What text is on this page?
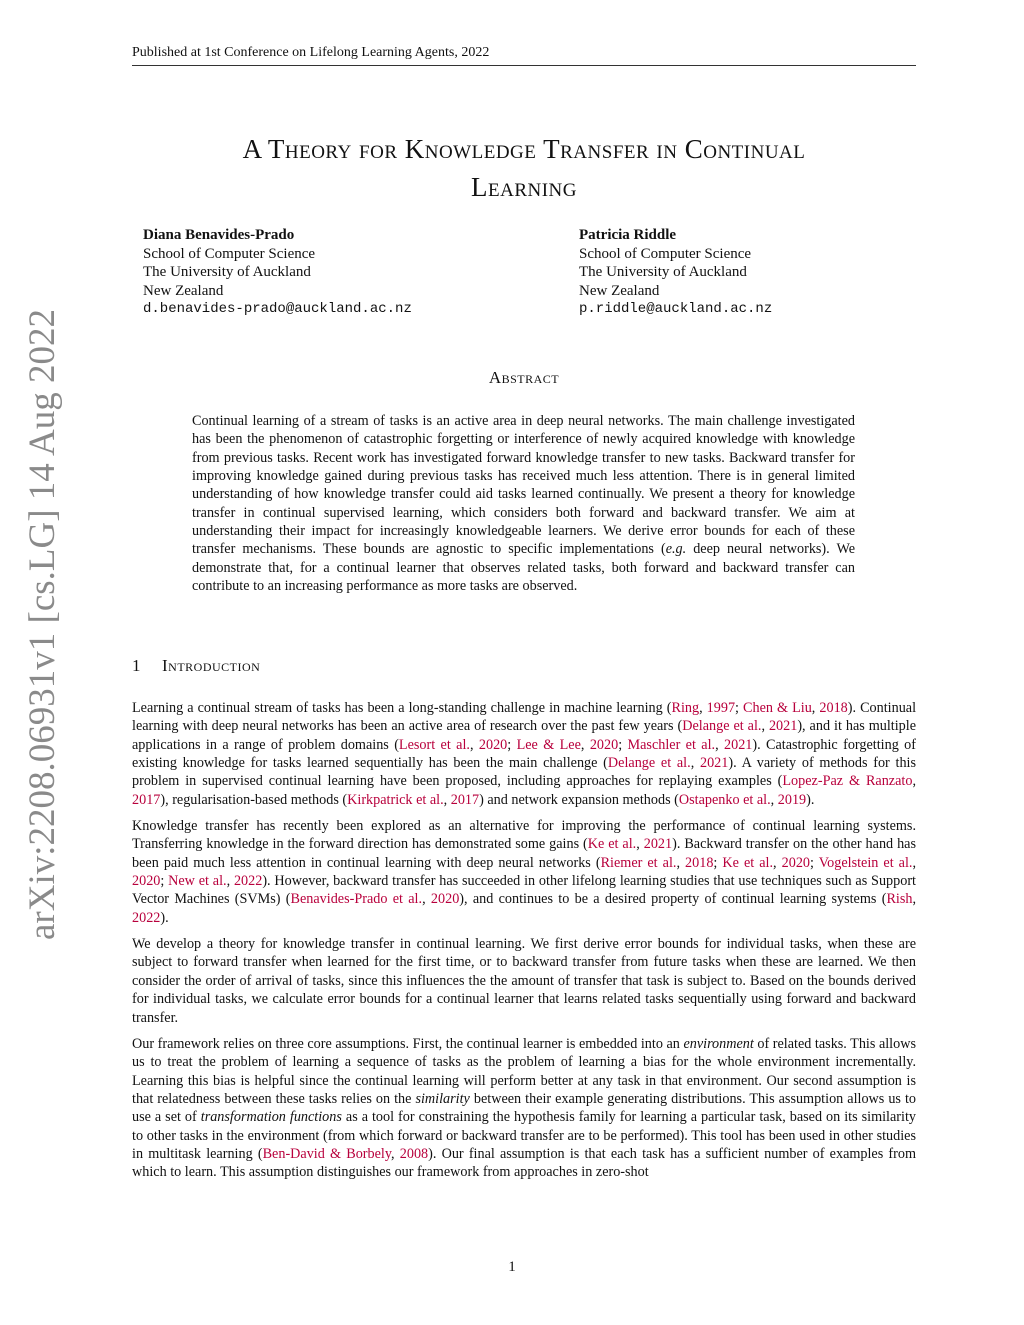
Published at 1st Conference on Lifelong Learning Agents, 2022
A Theory for Knowledge Transfer in Continual
Learning
Diana Benavides-Prado
School of Computer Science
The University of Auckland
New Zealand
d.benavides-prado@auckland.ac.nz
Patricia Riddle
School of Computer Science
The University of Auckland
New Zealand
p.riddle@auckland.ac.nz
Abstract
Continual learning of a stream of tasks is an active area in deep neural networks. The main challenge investigated has been the phenomenon of catastrophic forgetting or interference of newly acquired knowledge with knowledge from previous tasks. Recent work has investigated forward knowledge transfer to new tasks. Backward transfer for improving knowledge gained during previous tasks has received much less attention. There is in general limited understanding of how knowledge transfer could aid tasks learned continually. We present a theory for knowledge transfer in continual supervised learning, which considers both forward and backward transfer. We aim at understanding their impact for increasingly knowledgeable learners. We derive error bounds for each of these transfer mechanisms. These bounds are agnostic to specific implementations (e.g. deep neural networks). We demonstrate that, for a continual learner that observes related tasks, both forward and backward transfer can contribute to an increasing performance as more tasks are observed.
1 Introduction

Learning a continual stream of tasks has been a long-standing challenge in machine learning (Ring, 1997; Chen & Liu, 2018). Continual learning with deep neural networks has been an active area of research over the past few years (Delange et al., 2021), and it has multiple applications in a range of problem domains (Lesort et al., 2020; Lee & Lee, 2020; Maschler et al., 2021). Catastrophic forgetting of existing knowledge for tasks learned sequentially has been the main challenge (Delange et al., 2021). A variety of methods for this problem in supervised continual learning have been proposed, including approaches for replaying examples (Lopez-Paz & Ranzato, 2017), regularisation-based methods (Kirkpatrick et al., 2017) and network expansion methods (Ostapenko et al., 2019).

Knowledge transfer has recently been explored as an alternative for improving the performance of continual learning systems. Transferring knowledge in the forward direction has demonstrated some gains (Ke et al., 2021). Backward transfer on the other hand has been paid much less attention in continual learning with deep neural networks (Riemer et al., 2018; Ke et al., 2020; Vogelstein et al., 2020; New et al., 2022). However, backward transfer has succeeded in other lifelong learning studies that use techniques such as Support Vector Machines (SVMs) (Benavides-Prado et al., 2020), and continues to be a desired property of continual learning systems (Rish, 2022).

We develop a theory for knowledge transfer in continual learning. We first derive error bounds for individual tasks, when these are subject to forward transfer when learned for the first time, or to backward transfer from future tasks when these are learned. We then consider the order of arrival of tasks, since this influences the the amount of transfer that task is subject to. Based on the bounds derived for individual tasks, we calculate error bounds for a continual learner that learns related tasks sequentially using forward and backward transfer.

Our framework relies on three core assumptions. First, the continual learner is embedded into an environment of related tasks. This allows us to treat the problem of learning a sequence of tasks as the problem of learning a bias for the whole environment incrementally. Learning this bias is helpful since the continual learning will perform better at any task in that environment. Our second assumption is that relatedness between these tasks relies on the similarity between their example generating distributions. This assumption allows us to use a set of transformation functions as a tool for constraining the hypothesis family for learning a particular task, based on its similarity to other tasks in the environment (from which forward or backward transfer are to be performed). This tool has been used in other studies in multitask learning (Ben-David & Borbely, 2008). Our final assumption is that each task has a sufficient number of examples from which to learn. This assumption distinguishes our framework from approaches in zero-shot

arXiv:2208.06931v1 [cs.LG] 14 Aug 2022
1
